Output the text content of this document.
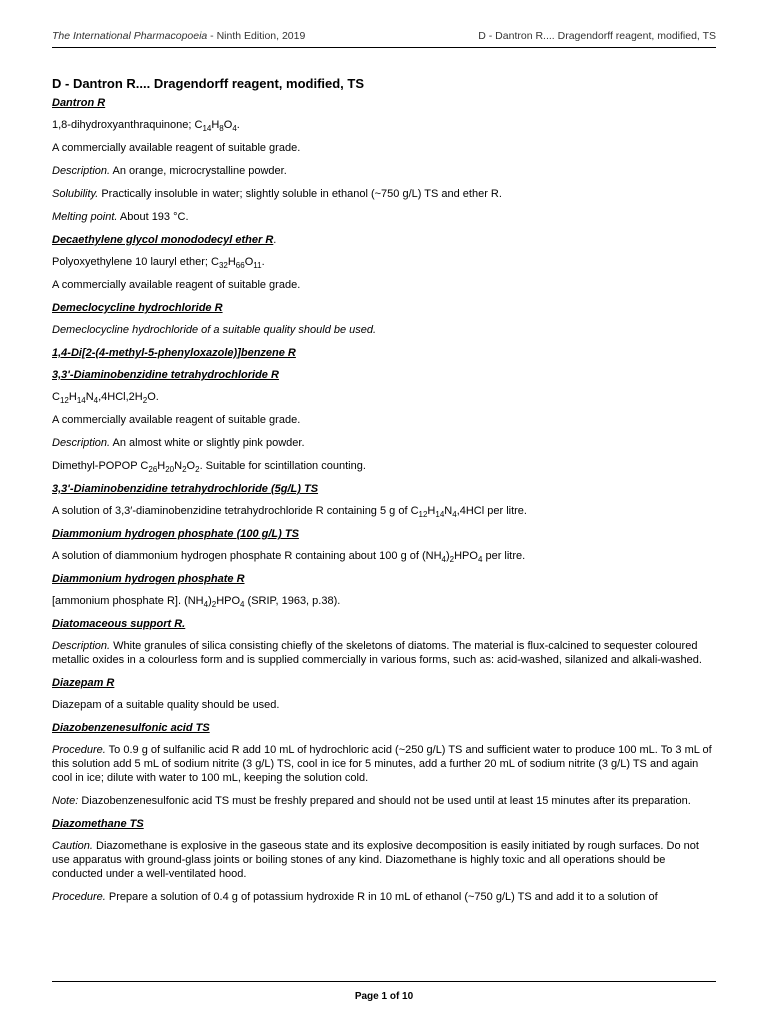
The International Pharmacopoeia - Ninth Edition, 2019	D - Dantron R.... Dragendorff reagent, modified, TS
D - Dantron R.... Dragendorff reagent, modified, TS
Dantron R

1,8-dihydroxyanthraquinone; $C_{14}H_8O_4$.

A commercially available reagent of suitable grade.

Description. An orange, microcrystalline powder.

Solubility. Practically insoluble in water; slightly soluble in ethanol (~750 g/L) TS and ether R.

Melting point. About 193 °C.

Decaethylene glycol monododecyl ether R.

Polyoxyethylene 10 lauryl ether; $C_{32}H_{66}O_{11}$.

A commercially available reagent of suitable grade.

Demeclocycline hydrochloride R

Demeclocycline hydrochloride of a suitable quality should be used.

1,4-Di[2-(4-methyl-5-phenyloxazole)]benzene R
3,3'-Diaminobenzidine tetrahydrochloride R

$C_{12}H_{14}N_4,4HCl,2H_2O$.

A commercially available reagent of suitable grade.

Description. An almost white or slightly pink powder.

Dimethyl-POPOP $C_{26}H_{20}N_2O_2$. Suitable for scintillation counting.

3,3'-Diaminobenzidine tetrahydrochloride (5g/L) TS

A solution of 3,3′-diaminobenzidine tetrahydrochloride R containing 5 g of $C_{12}H_{14}N_4,4HCl$ per litre.

Diammonium hydrogen phosphate (100 g/L) TS

A solution of diammonium hydrogen phosphate R containing about 100 g of $(NH_4)_2HPO_4$ per litre.

Diammonium hydrogen phosphate R

[ammonium phosphate R]. $(NH_4)_2HPO_4$ (SRIP, 1963, p.38).

Diatomaceous support R.

Description. White granules of silica consisting chiefly of the skeletons of diatoms. The material is flux-calcined to sequester coloured metallic oxides in a colourless form and is supplied commercially in various forms, such as: acid-washed, silanized and alkali-washed.

Diazepam R

Diazepam of a suitable quality should be used.

Diazobenzenesulfonic acid TS

Procedure. To 0.9 g of sulfanilic acid R add 10 mL of hydrochloric acid (~250 g/L) TS and sufficient water to produce 100 mL. To 3 mL of this solution add 5 mL of sodium nitrite (3 g/L) TS, cool in ice for 5 minutes, add a further 20 mL of sodium nitrite (3 g/L) TS and again cool in ice; dilute with water to 100 mL, keeping the solution cold.

Note: Diazobenzenesulfonic acid TS must be freshly prepared and should not be used until at least 15 minutes after its preparation.

Diazomethane TS

Caution. Diazomethane is explosive in the gaseous state and its explosive decomposition is easily initiated by rough surfaces. Do not use apparatus with ground-glass joints or boiling stones of any kind. Diazomethane is highly toxic and all operations should be conducted under a well-ventilated hood.

Procedure. Prepare a solution of 0.4 g of potassium hydroxide R in 10 mL of ethanol (~750 g/L) TS and add it to a solution of

Page 1 of 10
